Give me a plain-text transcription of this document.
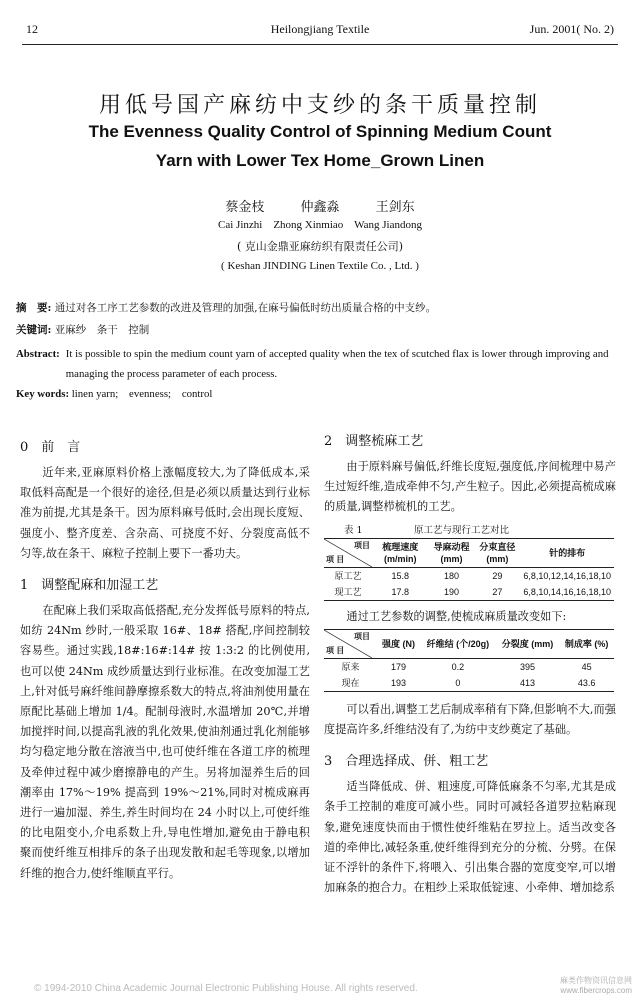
12	Heilongjiang Textile	Jun. 2001( No. 2)
用低号国产麻纺中支纱的条干质量控制
The Evenness Quality Control of Spinning Medium Count
Yarn with Lower Tex Home_Grown Linen
蔡金枝	仲鑫淼	王剑东
Cai Jinzhi    Zhong Xinmiao    Wang Jiandong
( 克山金鼎亚麻纺织有限责任公司)
( Keshan JINDING Linen Textile Co. , Ltd. )
摘　要: 通过对各工序工艺参数的改进及管理的加强,在麻号偏低时纺出质量合格的中支纱。
关键词: 亚麻纱　条干　控制
Abstract: It is possible to spin the medium count yarn of accepted quality when the tex of scutched flax is lower through improving and managing the process parameter of each process.
Key words: linen yarn;    evenness;    control
0　前　言

近年来,亚麻原料价格上涨幅度较大,为了降低成本,采取低料高配是一个很好的途径,但是必须以质量达到行业标准为前提,尤其是条干。因为原料麻号低时,会出现长度短、强度小、整齐度差、含杂高、可挠度不好、分裂度高低不匀等,故在条干、麻粒子控制上要下一番功夫。

1　调整配麻和加湿工艺

在配麻上我们采取高低搭配,充分发挥低号原料的特点,如纺 24Nm 纱时,一般采取 16#、18# 搭配,序间控制较容易些。通过实践,18#:16#:14# 按 1:3:2 的比例使用,也可以使 24Nm 成纱质量达到行业标准。在改变加湿工艺上,针对低号麻纤维间静摩擦系数大的特点,将油剂使用量在原配比基础上增加 1/4。配制母液时,水温增加 20℃,并增加搅拌时间,以提高乳液的乳化效果,使油剂通过乳化剂能够均匀稳定地分散在溶液当中,也可使纤维在各道工序的梳理及牵伸过程中减少磨擦静电的产生。另将加湿养生后的回潮率由 17%～19% 提高到 19%～21%,同时对梳成麻再进行一遍加湿、养生,养生时间均在 24 小时以上,可使纤维的比电阻变小,介电系数上升,导电性增加,避免由于静电积聚而使纤维互相排斥的条子出现发散和起毛等现象,以增加纤维的抱合力,使纤维顺直平行。

2　调整梳麻工艺

由于原料麻号偏低,纤维长度短,强度低,序间梳理中易产生过短纤维,造成牵伸不匀,产生粒子。因此,必须提高梳成麻的质量,调整栉梳机的工艺。

表 1	原工艺与现行工艺对比
项目
项 目	梳理速度 (m/min)	导麻动程 (mm)	分束直径 (mm)	针的排布
原工艺	15.8	180	29	6,8,10,12,14,16,18,10
现工艺	17.8	190	27	6,8,10,14,16,16,18,10

通过工艺参数的调整,使梳成麻质量改变如下:

项目
项 目	强度 (N)	纤维结 (个/20g)	分裂度 (mm)	制成率 (%)
原来	179	0.2	395	45
现在	193	0	413	43.6

可以看出,调整工艺后制成率稍有下降,但影响不大,而强度提高许多,纤维结没有了,为纺中支纱奠定了基础。

3　合理选择成、併、粗工艺

适当降低成、併、粗速度,可降低麻条不匀率,尤其是成条手工控制的难度可减小些。同时可减轻各道罗拉粘麻现象,避免速度快而由于惯性使纤维粘在罗拉上。适当改变各道的牵伸比,减轻条重,使纤维得到充分的分梳、分劈。在保证不浮针的条件下,将喂入、引出集合器的宽度变窄,可以增加麻条的抱合力。在粗纱上采取低锭速、小牵伸、增加捻系

© 1994-2010 China Academic Journal Electronic Publishing House. All rights reserved.
麻类作物资讯信息网
www.fibercrops.com
